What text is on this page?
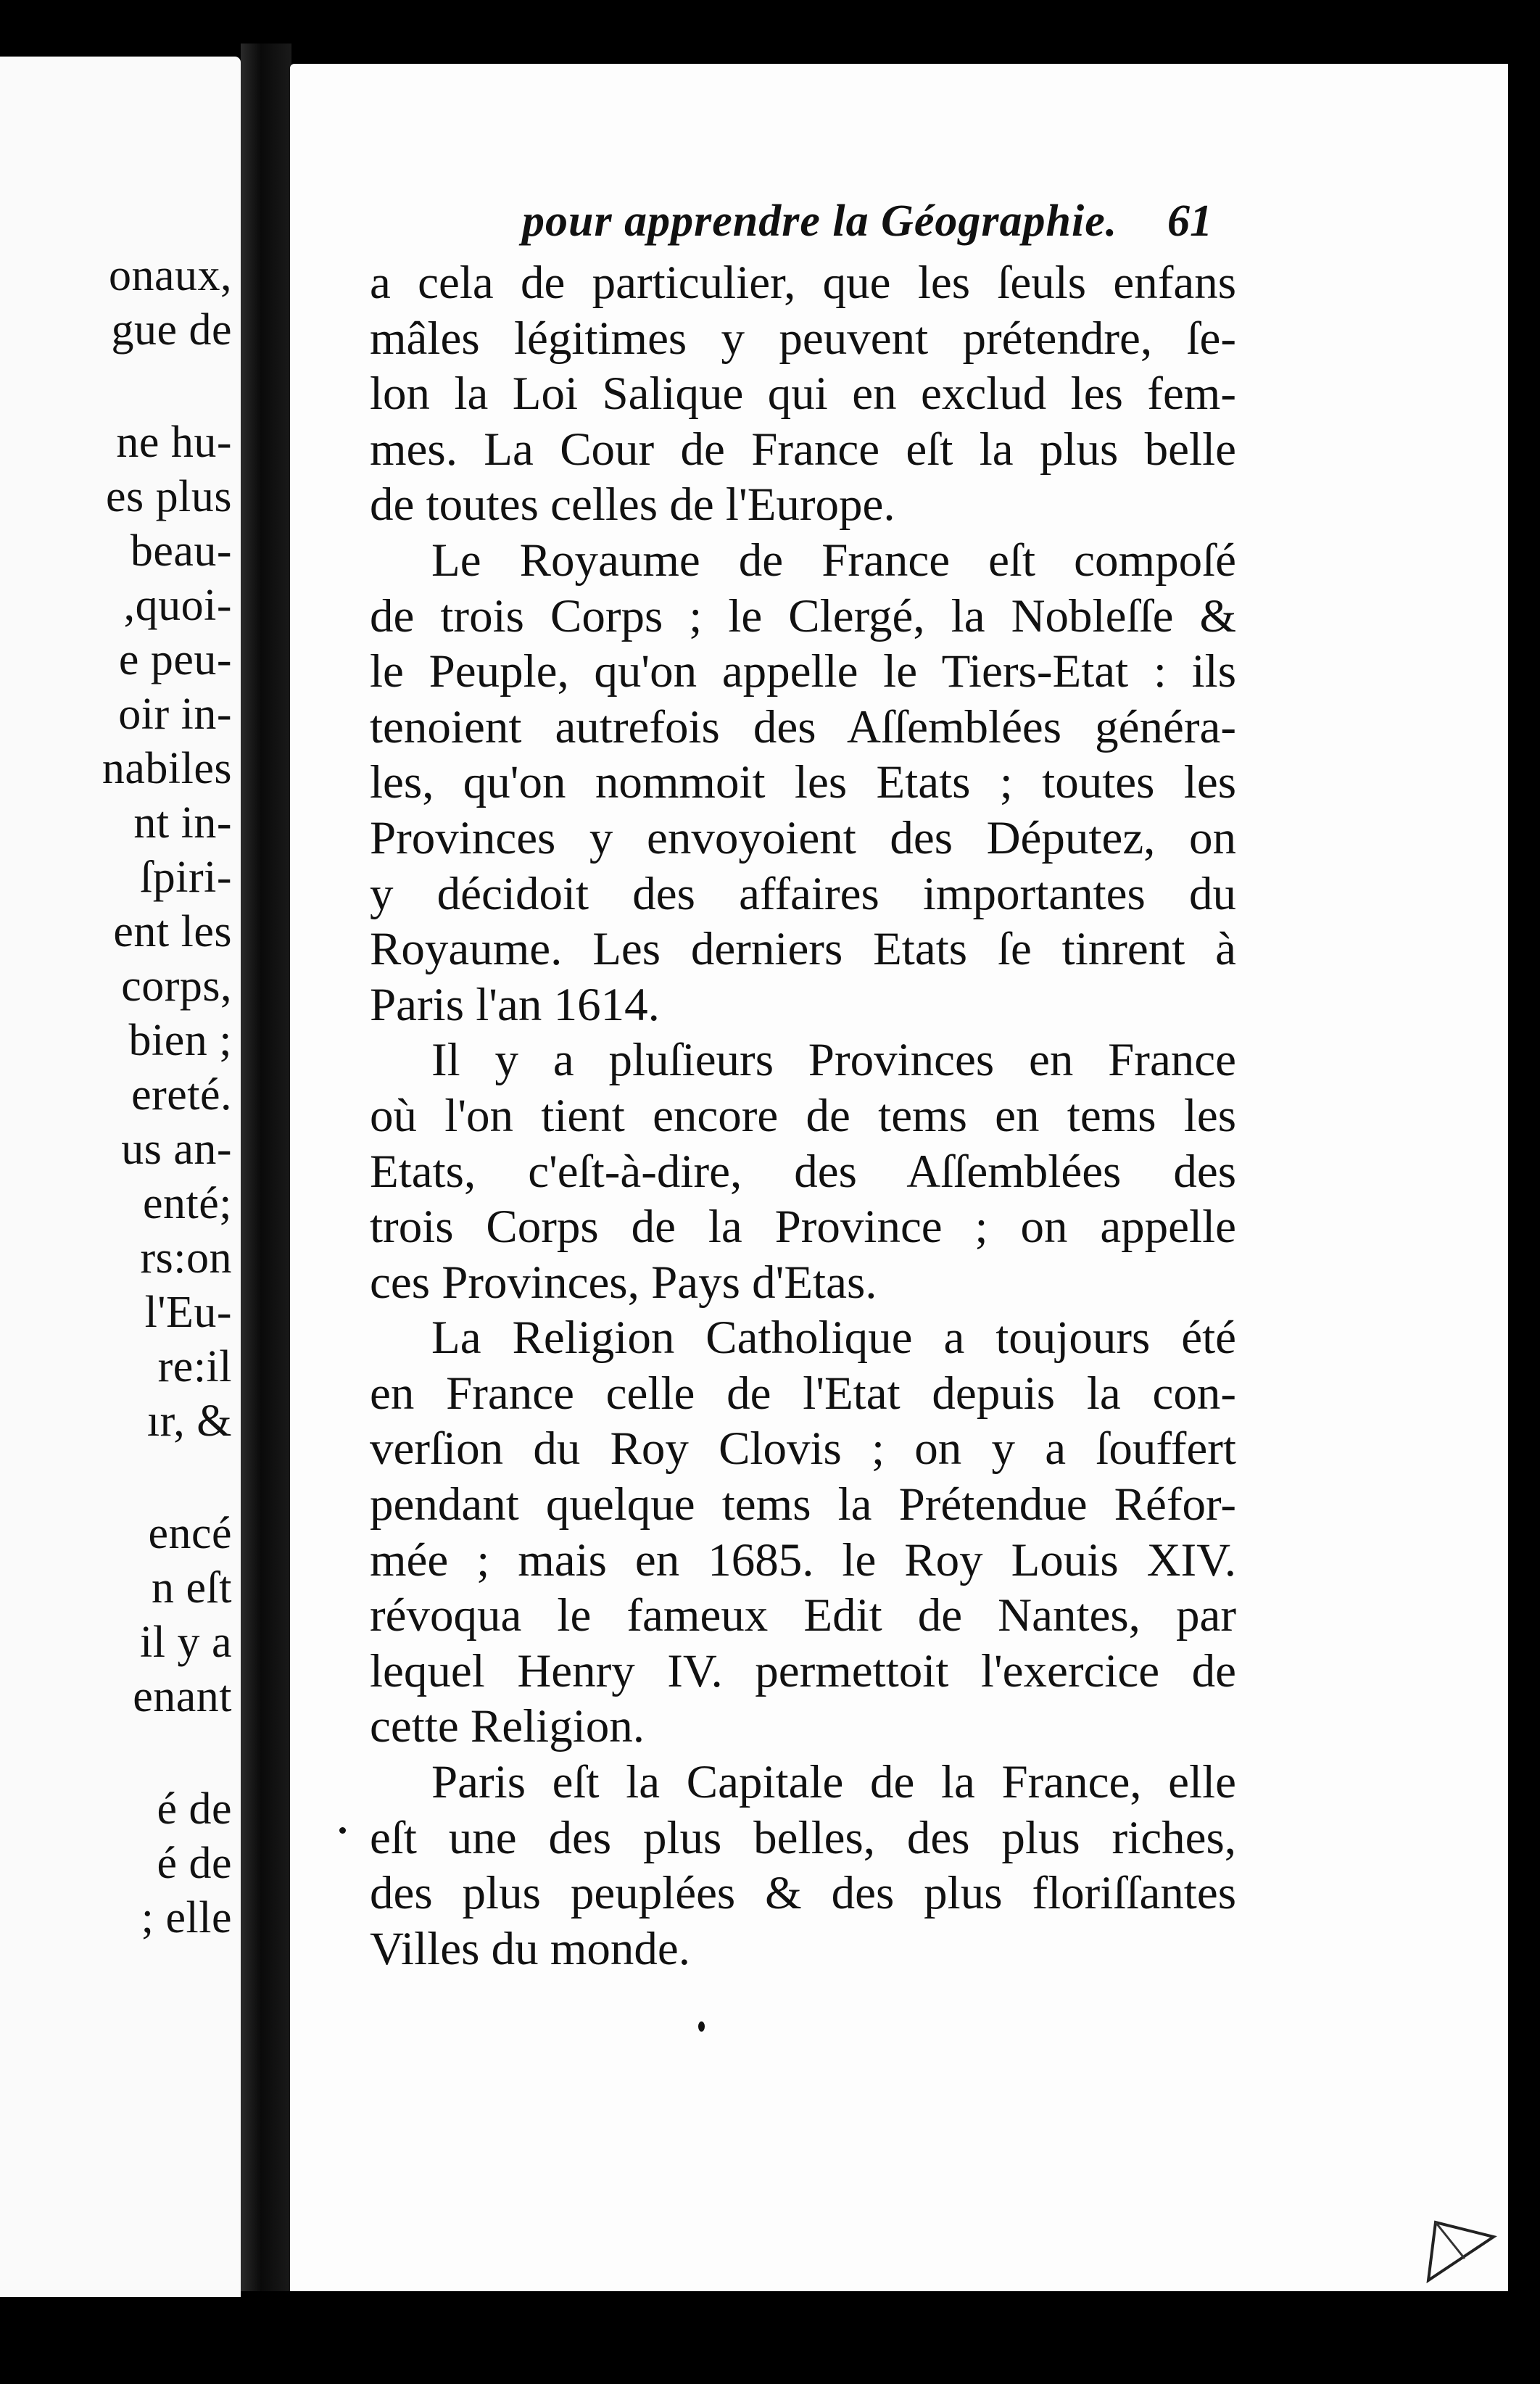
onaux,
gue de
ne hu-
es plus
beau-
,quoi-
e peu-
oir in-
nabiles
nt in-
ſpiri-
ent les
corps,
bien ;
ereté.
us an-
enté;
rs:on
l'Eu-
re:il
ır, &
encé
n eſt
il y a
enant
é de
é de
; elle
pour apprendre la Géographie. 61
a cela de particulier, que les ſeuls enfans
mâles légitimes y peuvent prétendre, ſe-
lon la Loi Salique qui en exclud les fem-
mes. La Cour de France eſt la plus belle
de toutes celles de l'Europe.
Le Royaume de France eſt compoſé
de trois Corps ; le Clergé, la Nobleſſe &
le Peuple, qu'on appelle le Tiers-Etat : ils
tenoient autrefois des Aſſemblées généra-
les, qu'on nommoit les Etats ; toutes les
Provinces y envoyoient des Députez, on
y décidoit des affaires importantes du
Royaume. Les derniers Etats ſe tinrent à
Paris l'an 1614.
Il y a pluſieurs Provinces en France
où l'on tient encore de tems en tems les
Etats, c'eſt-à-dire, des Aſſemblées des
trois Corps de la Province ; on appelle
ces Provinces, Pays d'Etas.
La Religion Catholique a toujours été
en France celle de l'Etat depuis la con-
verſion du Roy Clovis ; on y a ſouffert
pendant quelque tems la Prétendue Réfor-
mée ; mais en 1685. le Roy Louis XIV.
révoqua le fameux Edit de Nantes, par
lequel Henry IV. permettoit l'exercice de
cette Religion.
Paris eſt la Capitale de la France, elle
eſt une des plus belles, des plus riches,
des plus peuplées & des plus floriſſantes
Villes du monde.
